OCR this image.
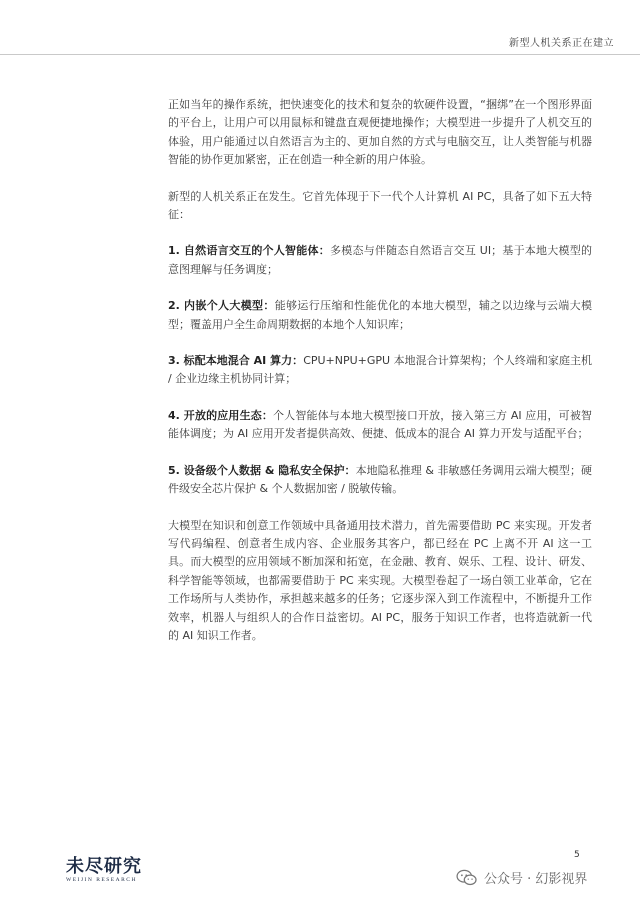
新型人机关系正在建立

正如当年的操作系统，把快速变化的技术和复杂的软硬件设置，“捆绑”在一个图形界面的平台上，让用户可以用鼠标和键盘直观便捷地操作；大模型进一步提升了人机交互的体验，用户能通过以自然语言为主的、更加自然的方式与电脑交互，让人类智能与机器智能的协作更加紧密，正在创造一种全新的用户体验。

新型的人机关系正在发生。它首先体现于下一代个人计算机 AI PC，具备了如下五大特征：

1. 自然语言交互的个人智能体：多模态与伴随态自然语言交互 UI；基于本地大模型的意图理解与任务调度；

2. 内嵌个人大模型：能够运行压缩和性能优化的本地大模型，辅之以边缘与云端大模型；覆盖用户全生命周期数据的本地个人知识库；

3. 标配本地混合 AI 算力：CPU+NPU+GPU 本地混合计算架构；个人终端和家庭主机 / 企业边缘主机协同计算；

4. 开放的应用生态：个人智能体与本地大模型接口开放，接入第三方 AI 应用，可被智能体调度；为 AI 应用开发者提供高效、便捷、低成本的混合 AI 算力开发与适配平台；

5. 设备级个人数据 & 隐私安全保护：本地隐私推理 & 非敏感任务调用云端大模型；硬件级安全芯片保护 & 个人数据加密 / 脱敏传输。

大模型在知识和创意工作领域中具备通用技术潜力，首先需要借助 PC 来实现。开发者写代码编程、创意者生成内容、企业服务其客户，都已经在 PC 上离不开 AI 这一工具。而大模型的应用领域不断加深和拓宽，在金融、教育、娱乐、工程、设计、研发、科学智能等领域，也都需要借助于 PC 来实现。大模型卷起了一场白领工业革命，它在工作场所与人类协作，承担越来越多的任务；它逐步深入到工作流程中，不断提升工作效率，机器人与组织人的合作日益密切。AI PC，服务于知识工作者，也将造就新一代的 AI 知识工作者。

未尽研究
WEIJIN RESEARCH
5
公众号 · 幻影视界
